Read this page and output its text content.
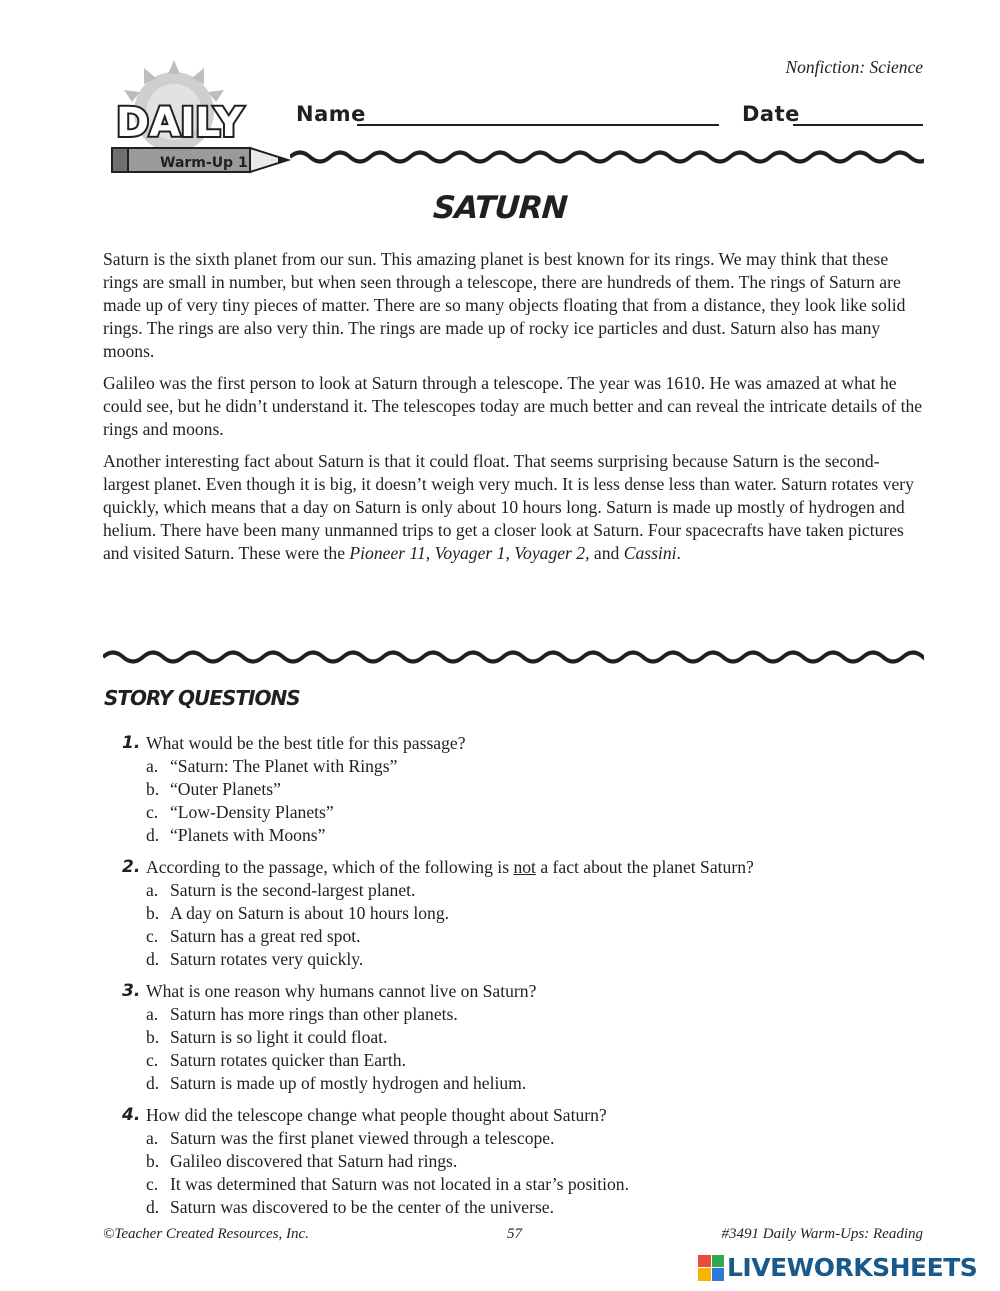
Nonfiction: Science
DAILY
Warm-Up 1
Name	Date
SATURN

Saturn is the sixth planet from our sun. This amazing planet is best known for its rings. We may think that these rings are small in number, but when seen through a telescope, there are hundreds of them. The rings of Saturn are made up of very tiny pieces of matter. There are so many objects floating that from a distance, they look like solid rings. The rings are also very thin. The rings are made up of rocky ice particles and dust. Saturn also has many moons.

Galileo was the first person to look at Saturn through a telescope. The year was 1610. He was amazed at what he could see, but he didn’t understand it. The telescopes today are much better and can reveal the intricate details of the rings and moons.

Another interesting fact about Saturn is that it could float. That seems surprising because Saturn is the second-largest planet. Even though it is big, it doesn’t weigh very much. It is less dense less than water. Saturn rotates very quickly, which means that a day on Saturn is only about 10 hours long. Saturn is made up mostly of hydrogen and helium. There have been many unmanned trips to get a closer look at Saturn. Four spacecrafts have taken pictures and visited Saturn. These were the Pioneer 11, Voyager 1, Voyager 2, and Cassini.

STORY QUESTIONS
1. What would be the best title for this passage?
a. “Saturn: The Planet with Rings”
b. “Outer Planets”
c. “Low-Density Planets”
d. “Planets with Moons”
2. According to the passage, which of the following is not a fact about the planet Saturn?
a. Saturn is the second-largest planet.
b. A day on Saturn is about 10 hours long.
c. Saturn has a great red spot.
d. Saturn rotates very quickly.
3. What is one reason why humans cannot live on Saturn?
a. Saturn has more rings than other planets.
b. Saturn is so light it could float.
c. Saturn rotates quicker than Earth.
d. Saturn is made up of mostly hydrogen and helium.
4. How did the telescope change what people thought about Saturn?
a. Saturn was the first planet viewed through a telescope.
b. Galileo discovered that Saturn had rings.
c. It was determined that Saturn was not located in a star’s position.
d. Saturn was discovered to be the center of the universe.
©Teacher Created Resources, Inc.	57	#3491 Daily Warm-Ups: Reading
LIVEWORKSHEETS
